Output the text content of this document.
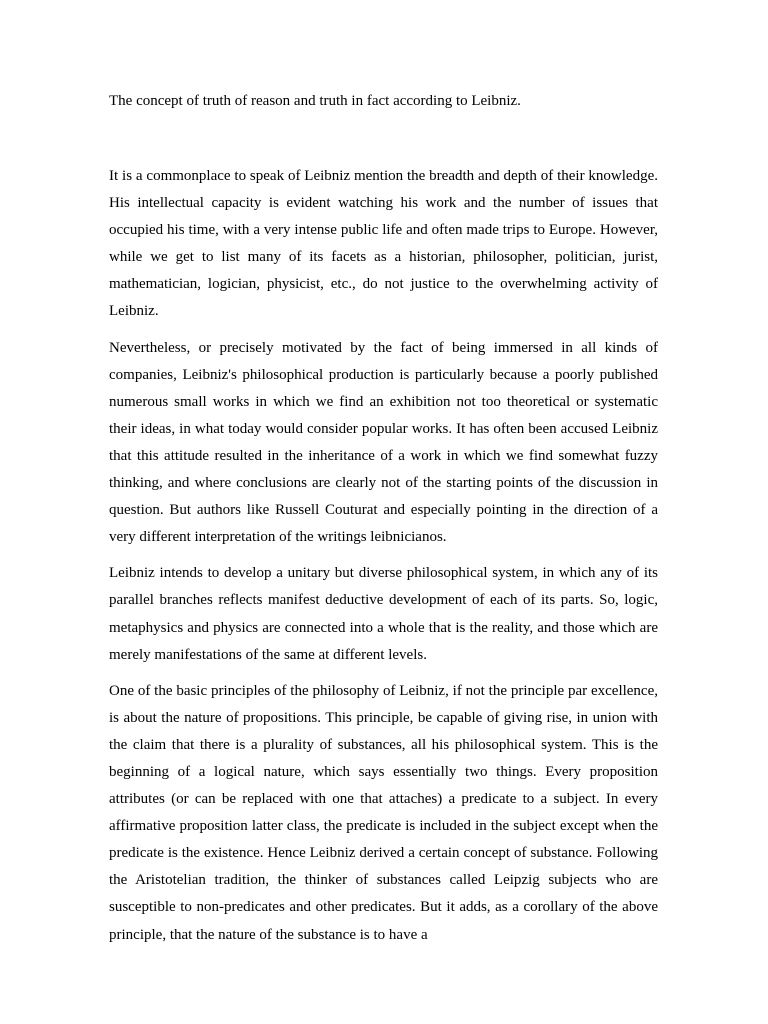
The concept of truth of reason and truth in fact according to Leibniz.

It is a commonplace to speak of Leibniz mention the breadth and depth of their knowledge. His intellectual capacity is evident watching his work and the number of issues that occupied his time, with a very intense public life and often made trips to Europe. However, while we get to list many of its facets as a historian, philosopher, politician, jurist, mathematician, logician, physicist, etc., do not justice to the overwhelming activity of Leibniz.

Nevertheless, or precisely motivated by the fact of being immersed in all kinds of companies, Leibniz's philosophical production is particularly because a poorly published numerous small works in which we find an exhibition not too theoretical or systematic their ideas, in what today would consider popular works. It has often been accused Leibniz that this attitude resulted in the inheritance of a work in which we find somewhat fuzzy thinking, and where conclusions are clearly not of the starting points of the discussion in question. But authors like Russell Couturat and especially pointing in the direction of a very different interpretation of the writings leibnicianos.

Leibniz intends to develop a unitary but diverse philosophical system, in which any of its parallel branches reflects manifest deductive development of each of its parts. So, logic, metaphysics and physics are connected into a whole that is the reality, and those which are merely manifestations of the same at different levels.

One of the basic principles of the philosophy of Leibniz, if not the principle par excellence, is about the nature of propositions. This principle, be capable of giving rise, in union with the claim that there is a plurality of substances, all his philosophical system. This is the beginning of a logical nature, which says essentially two things. Every proposition attributes (or can be replaced with one that attaches) a predicate to a subject. In every affirmative proposition latter class, the predicate is included in the subject except when the predicate is the existence. Hence Leibniz derived a certain concept of substance. Following the Aristotelian tradition, the thinker of substances called Leipzig subjects who are susceptible to non-predicates and other predicates. But it adds, as a corollary of the above principle, that the nature of the substance is to have a
